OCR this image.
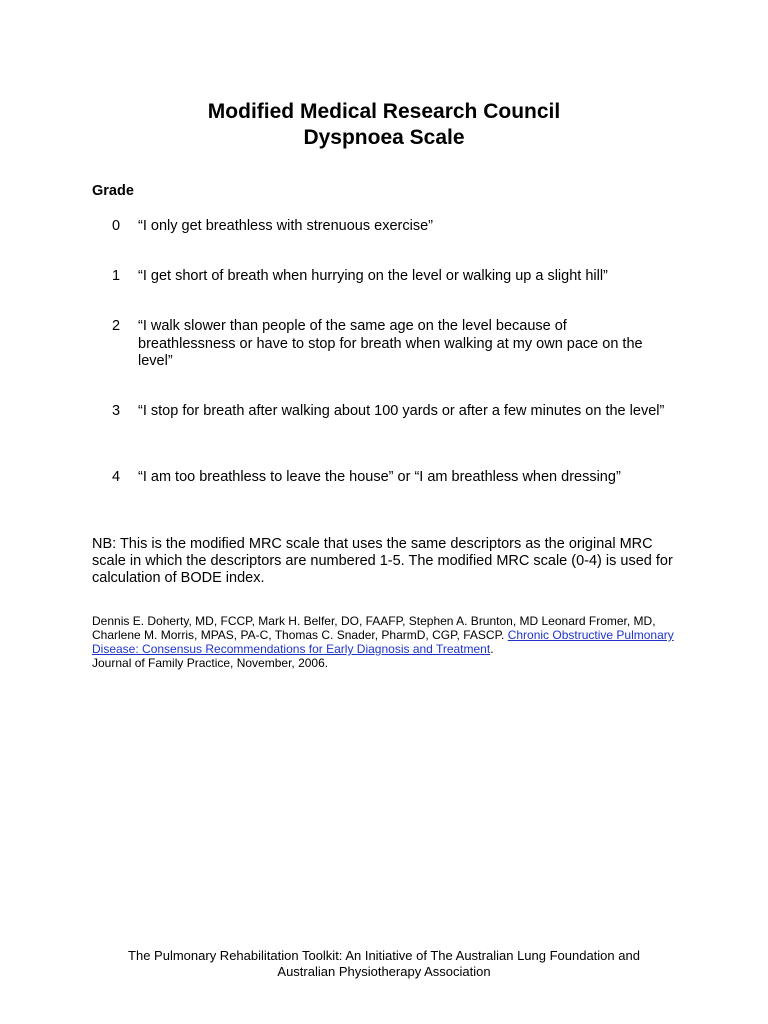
Modified Medical Research Council
Dyspnoea Scale
Grade
0	“I only get breathless with strenuous exercise”
1	“I get short of breath when hurrying on the level or walking up a slight hill”
2	“I walk slower than people of the same age on the level because of breathlessness or have to stop for breath when walking at my own pace on the level”
3	“I stop for breath after walking about 100 yards or after a few minutes on the level”
4	“I am too breathless to leave the house” or “I am breathless when dressing”
NB: This is the modified MRC scale that uses the same descriptors as the original MRC scale in which the descriptors are numbered 1-5. The modified MRC scale (0-4) is used for calculation of BODE index.
Dennis E. Doherty, MD, FCCP, Mark H. Belfer, DO, FAAFP, Stephen A. Brunton, MD Leonard Fromer, MD, Charlene M. Morris, MPAS, PA-C, Thomas C. Snader, PharmD, CGP, FASCP. Chronic Obstructive Pulmonary Disease: Consensus Recommendations for Early Diagnosis and Treatment.
Journal of Family Practice, November, 2006.
The Pulmonary Rehabilitation Toolkit: An Initiative of The Australian Lung Foundation and
Australian Physiotherapy Association
